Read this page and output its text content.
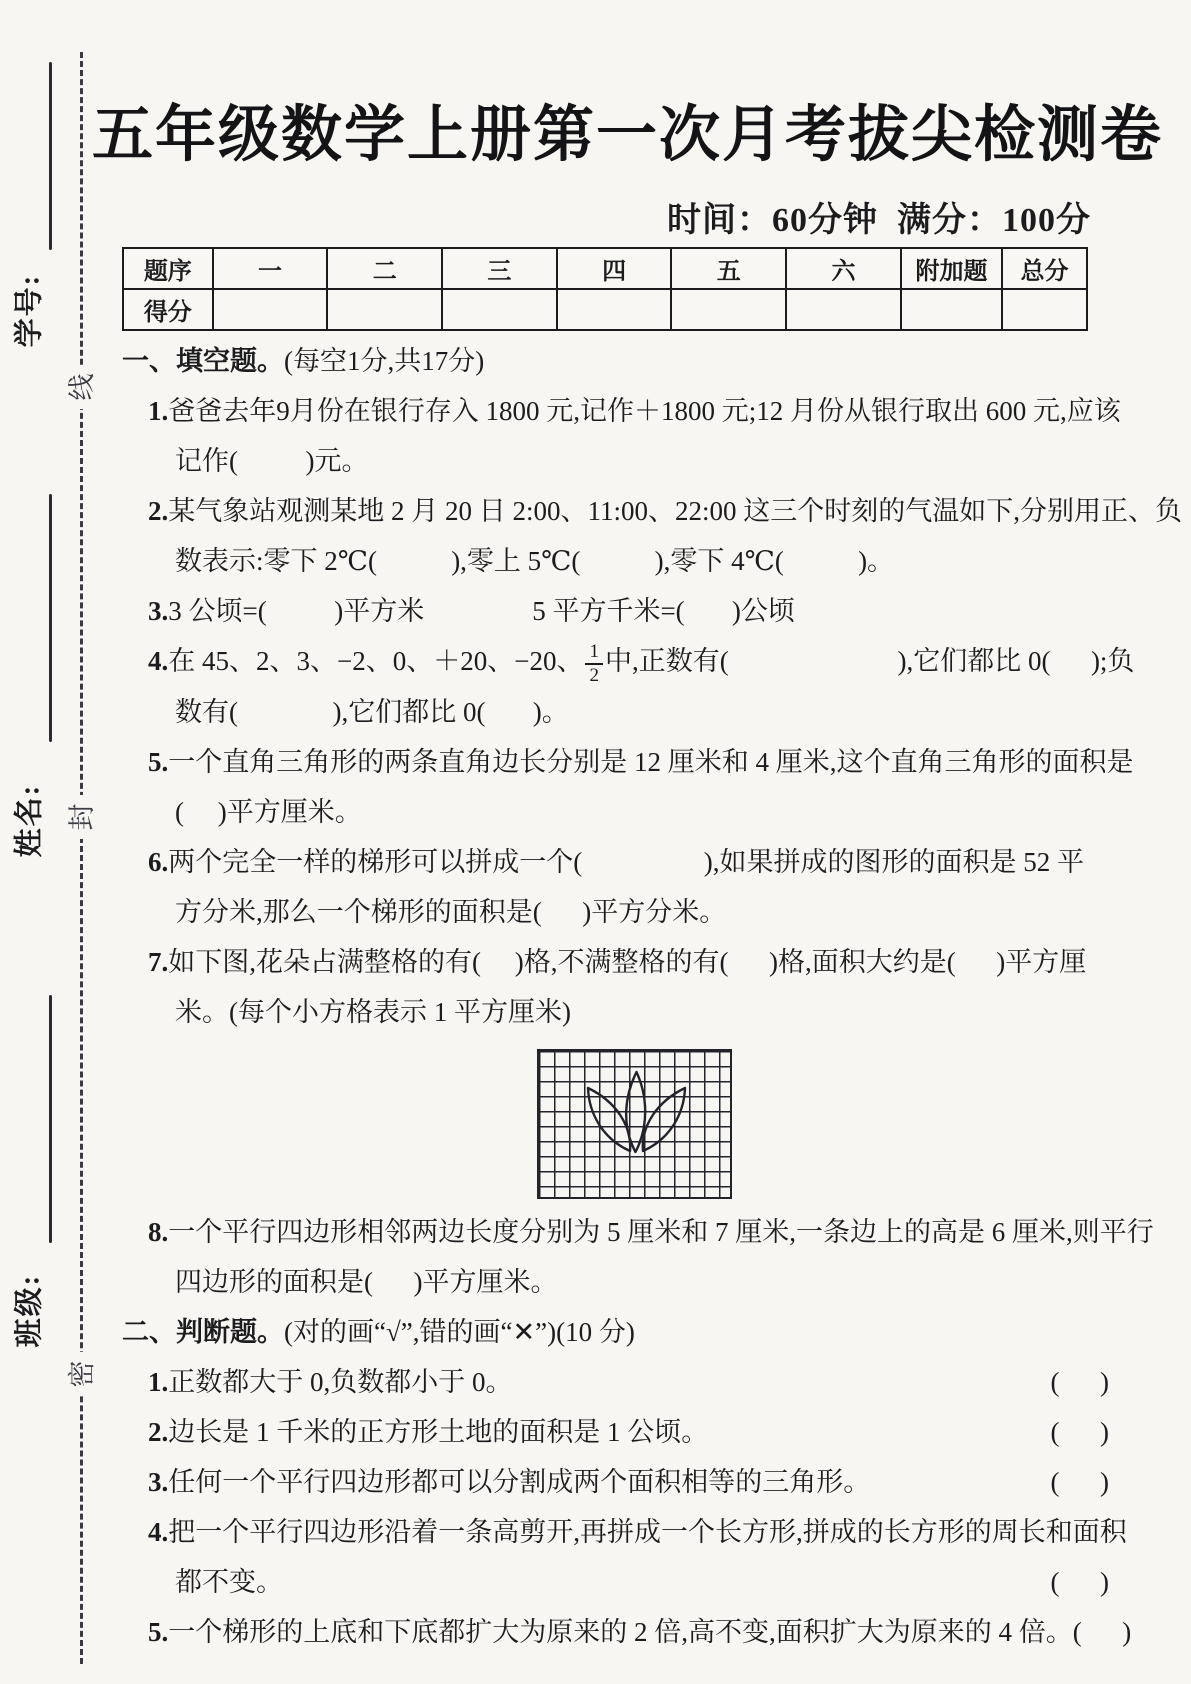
学号:
姓名:
班级:
线
封
密
五年级数学上册第一次月考拔尖检测卷
时间：60分钟  满分：100分
题序	一	二	三	四	五	六	附加题	总分
得分								
一、填空题。(每空1分,共17分)
1.爸爸去年9月份在银行存入 1800 元,记作＋1800 元;12 月份从银行取出 600 元,应该
记作(          )元。
2.某气象站观测某地 2 月 20 日 2:00、11:00、22:00 这三个时刻的气温如下,分别用正、负
数表示:零下 2℃(           ),零上 5℃(           ),零下 4℃(           )。
3.3 公顷=(          )平方米                5 平方千米=(       )公顷
4.在 45、2、3、−2、0、＋20、−20、 $\frac{1}{2}$ 中,正数有(                         ),它们都比 0(      );负
数有(              ),它们都比 0(       )。
5.一个直角三角形的两条直角边长分别是 12 厘米和 4 厘米,这个直角三角形的面积是
(     )平方厘米。
6.两个完全一样的梯形可以拼成一个(                  ),如果拼成的图形的面积是 52 平
方分米,那么一个梯形的面积是(      )平方分米。
7.如下图,花朵占满整格的有(     )格,不满整格的有(      )格,面积大约是(      )平方厘
米。(每个小方格表示 1 平方厘米)
8.一个平行四边形相邻两边长度分别为 5 厘米和 7 厘米,一条边上的高是 6 厘米,则平行
四边形的面积是(      )平方厘米。
二、判断题。(对的画“√”,错的画“✕”)(10 分)
1.正数都大于 0,负数都小于 0。	(      )
2.边长是 1 千米的正方形土地的面积是 1 公顷。	(      )
3.任何一个平行四边形都可以分割成两个面积相等的三角形。	(      )
4.把一个平行四边形沿着一条高剪开,再拼成一个长方形,拼成的长方形的周长和面积
都不变。	(      )
5.一个梯形的上底和下底都扩大为原来的 2 倍,高不变,面积扩大为原来的 4 倍。 (      )
